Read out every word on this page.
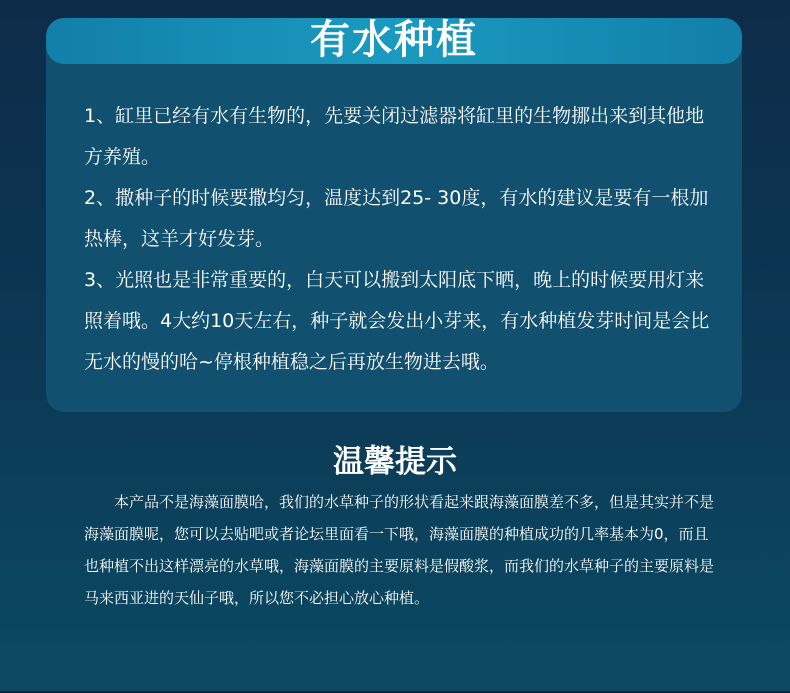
有水种植

1、缸里已经有水有生物的，先要关闭过滤器将缸里的生物挪出来到其他地方养殖。

2、撒种子的时候要撒均匀，温度达到25- 30度，有水的建议是要有一根加热棒，这羊才好发芽。

3、光照也是非常重要的，白天可以搬到太阳底下晒，晚上的时候要用灯来照着哦。4大约10天左右，种子就会发出小芽来，有水种植发芽时间是会比无水的慢的哈~停根种植稳之后再放生物进去哦。

温馨提示

本产品不是海藻面膜哈，我们的水草种子的形状看起来跟海藻面膜差不多，但是其实并不是海藻面膜呢，您可以去贴吧或者论坛里面看一下哦，海藻面膜的种植成功的几率基本为0，而且也种植不出这样漂亮的水草哦，海藻面膜的主要原料是假酸浆，而我们的水草种子的主要原料是马来西亚进的天仙子哦，所以您不必担心放心种植。
